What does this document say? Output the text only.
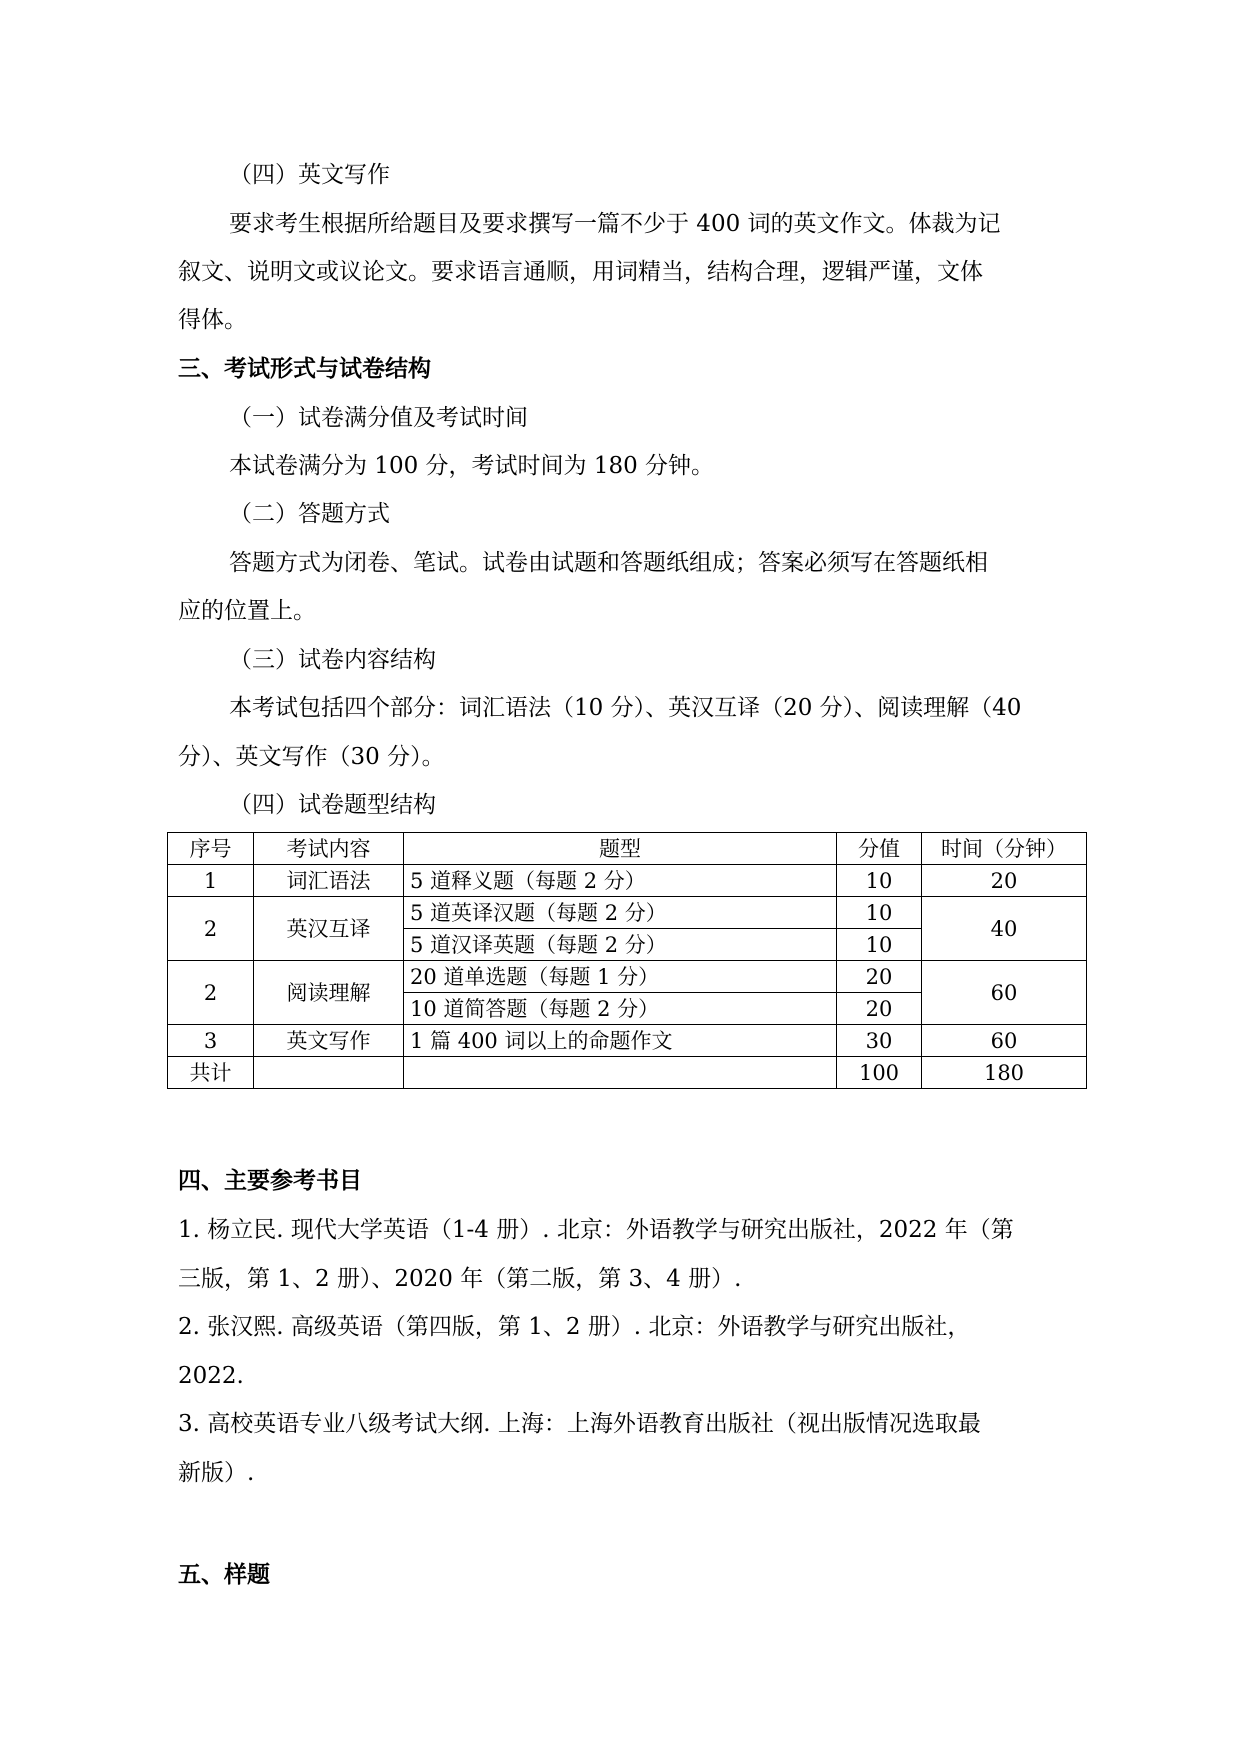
（四）英文写作
要求考生根据所给题目及要求撰写一篇不少于 400 词的英文作文。体裁为记
叙文、说明文或议论文。要求语言通顺，用词精当，结构合理，逻辑严谨，文体
得体。
三、考试形式与试卷结构
（一）试卷满分值及考试时间
本试卷满分为 100 分，考试时间为 180 分钟。
（二）答题方式
答题方式为闭卷、笔试。试卷由试题和答题纸组成；答案必须写在答题纸相
应的位置上。
（三）试卷内容结构
本考试包括四个部分：词汇语法（10 分）、英汉互译（20 分）、阅读理解（40
分）、英文写作（30 分）。
（四）试卷题型结构
序号	考试内容	题型	分值	时间（分钟）
1	词汇语法	5 道释义题（每题 2 分）	10	20
2	英汉互译	5 道英译汉题（每题 2 分）	10	40
		5 道汉译英题（每题 2 分）	10	
2	阅读理解	20 道单选题（每题 1 分）	20	60
		10 道简答题（每题 2 分）	20	
3	英文写作	1 篇 400 词以上的命题作文	30	60
共计			100	180
四、主要参考书目
1. 杨立民. 现代大学英语（1-4 册）. 北京：外语教学与研究出版社，2022 年（第
三版，第 1、2 册）、2020 年（第二版，第 3、4 册）.
2. 张汉熙. 高级英语（第四版，第 1、2 册）. 北京：外语教学与研究出版社，
2022.
3. 高校英语专业八级考试大纲. 上海：上海外语教育出版社（视出版情况选取最
新版）.
五、样题
